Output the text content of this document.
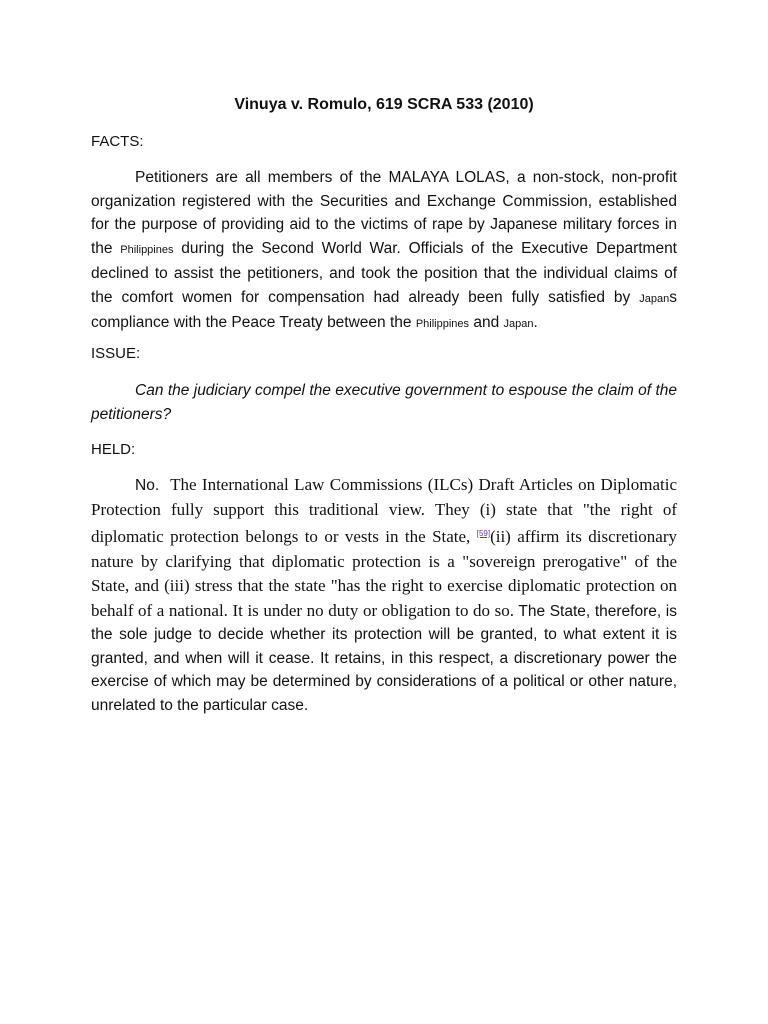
Vinuya v. Romulo, 619 SCRA 533 (2010)
FACTS:
Petitioners are all members of the MALAYA LOLAS, a non-stock, non-profit organization registered with the Securities and Exchange Commission, established for the purpose of providing aid to the victims of rape by Japanese military forces in the Philippines during the Second World War. Officials of the Executive Department declined to assist the petitioners, and took the position that the individual claims of the comfort women for compensation had already been fully satisfied by Japans compliance with the Peace Treaty between the Philippines and Japan.
ISSUE:
Can the judiciary compel the executive government to espouse the claim of the petitioners?
HELD:
No. The International Law Commissions (ILCs) Draft Articles on Diplomatic Protection fully support this traditional view. They (i) state that "the right of diplomatic protection belongs to or vests in the State, [59](ii) affirm its discretionary nature by clarifying that diplomatic protection is a "sovereign prerogative" of the State, and (iii) stress that the state "has the right to exercise diplomatic protection on behalf of a national. It is under no duty or obligation to do so. The State, therefore, is the sole judge to decide whether its protection will be granted, to what extent it is granted, and when will it cease. It retains, in this respect, a discretionary power the exercise of which may be determined by considerations of a political or other nature, unrelated to the particular case.
